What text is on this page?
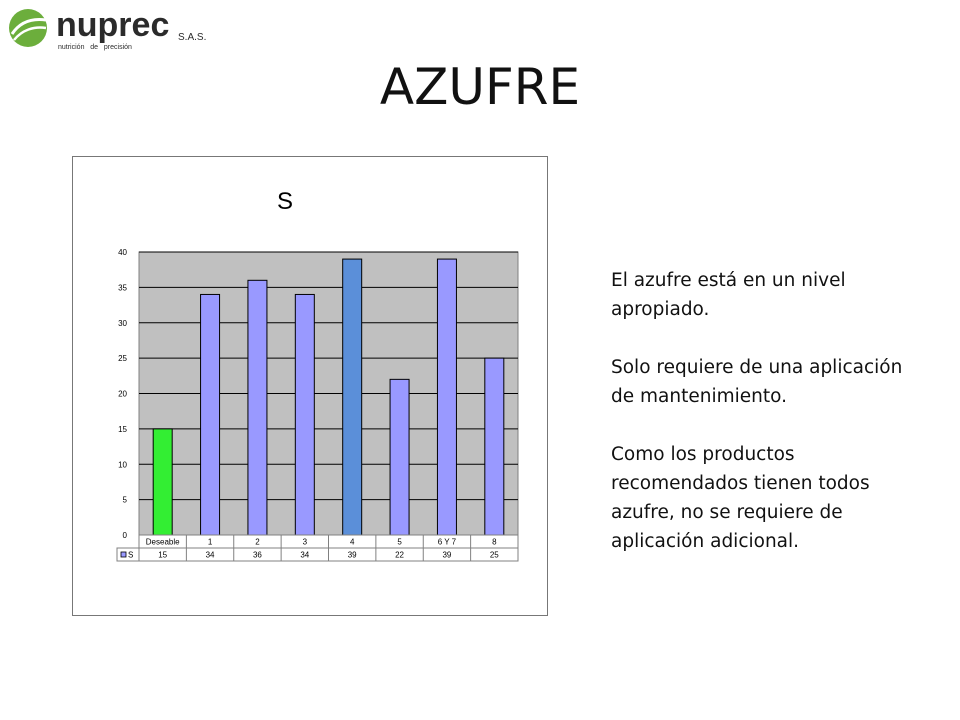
nuprec S.A.S.
nutrición   de   precisión
AZUFRE
S
0
5
10
15
20
25
30
35
40
Deseable	1	2	3	4	5	6 Y 7	8
15	34	36	34	39	22	39	25
S

El azufre está en un nivel apropiado.

Solo requiere de una aplicación de mantenimiento.

Como los productos recomendados tienen todos azufre, no se requiere de aplicación adicional.
